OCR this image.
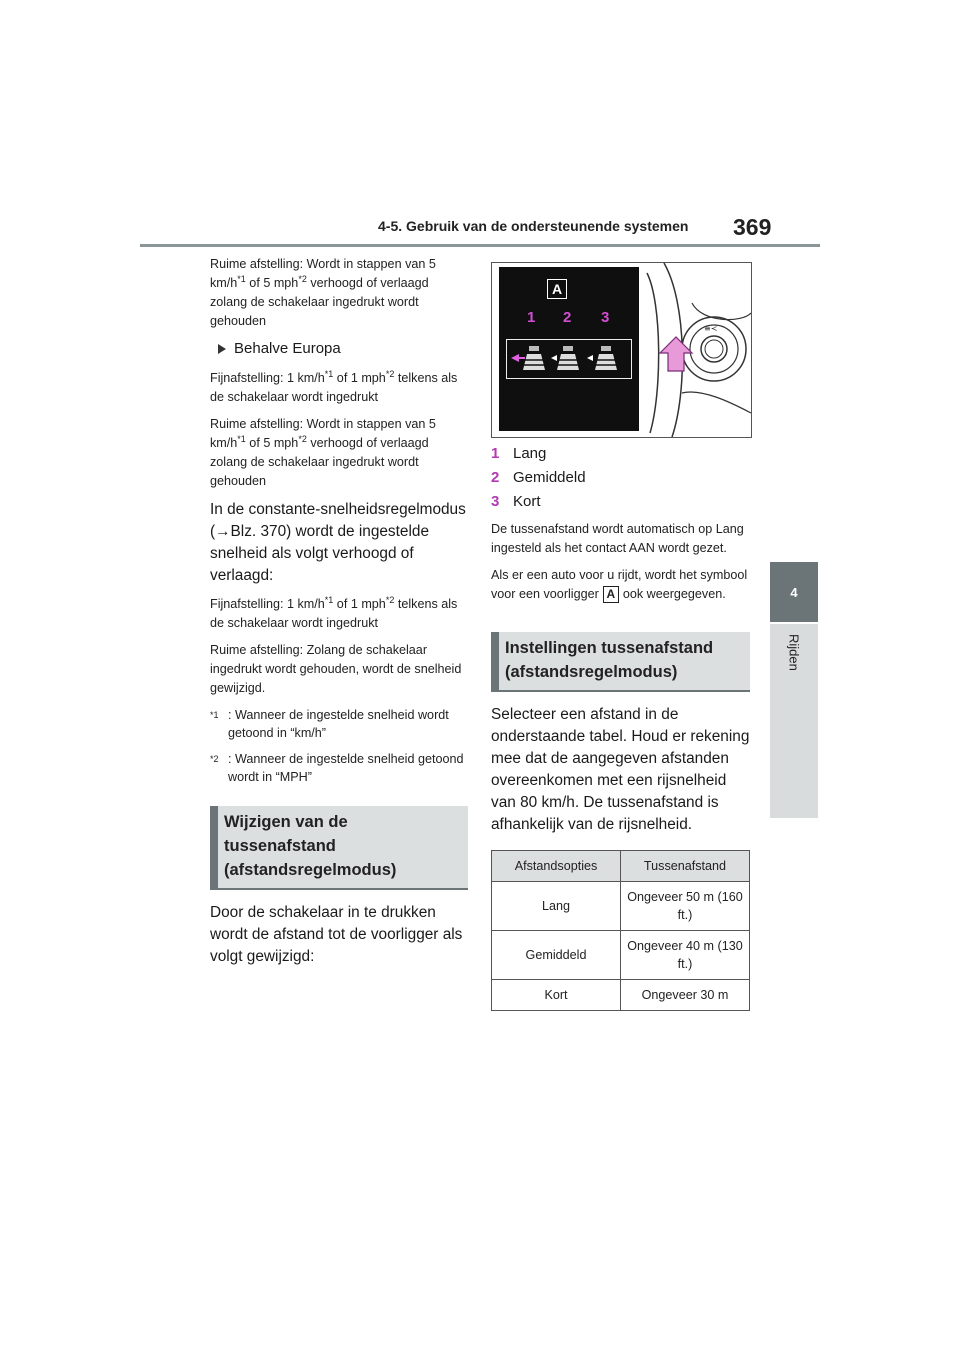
4-5. Gebruik van de ondersteunende systemen 369
4
Rijden

Ruime afstelling: Wordt in stappen van 5 $km/h^{*1}$ of 5 mph$^{*2}$ verhoogd of verlaagd zolang de schakelaar ingedrukt wordt gehouden

Behalve Europa

Fijnafstelling: 1 $km/h^{*1}$ of 1 mph$^{*2}$ telkens als de schakelaar wordt ingedrukt

Ruime afstelling: Wordt in stappen van 5 $km/h^{*1}$ of 5 mph$^{*2}$ verhoogd of verlaagd zolang de schakelaar ingedrukt wordt gehouden

In de constante-snelheidsregelmodus (→Blz. 370) wordt de ingestelde snelheid als volgt verhoogd of verlaagd:

Fijnafstelling: 1 $km/h^{*1}$ of 1 mph$^{*2}$ telkens als de schakelaar wordt ingedrukt

Ruime afstelling: Zolang de schakelaar ingedrukt wordt gehouden, wordt de snelheid gewijzigd.

$^{*1}$ : Wanneer de ingestelde snelheid wordt getoond in “km/h”
$^{*2}$ : Wanneer de ingestelde snelheid getoond wordt in “MPH”
Wijzigen van de tussenafstand (afstandsregelmodus)

Door de schakelaar in te drukken wordt de afstand tot de voorligger als volgt gewijzigd:

A
1 2 3
≡≺
1 Lang
2 Gemiddeld
3 Kort

De tussenafstand wordt automatisch op Lang ingesteld als het contact AAN wordt gezet.

Als er een auto voor u rijdt, wordt het symbool voor een voorligger A ook weergegeven.

Instellingen tussenafstand (afstandsregelmodus)

Selecteer een afstand in de onderstaande tabel. Houd er rekening mee dat de aangegeven afstanden overeenkomen met een rijsnelheid van 80 km/h. De tussenafstand is afhankelijk van de rijsnelheid.

Afstandsopties	Tussenafstand
Lang	Ongeveer 50 m (160 ft.)
Gemiddeld	Ongeveer 40 m (130 ft.)
Kort	Ongeveer 30 m
